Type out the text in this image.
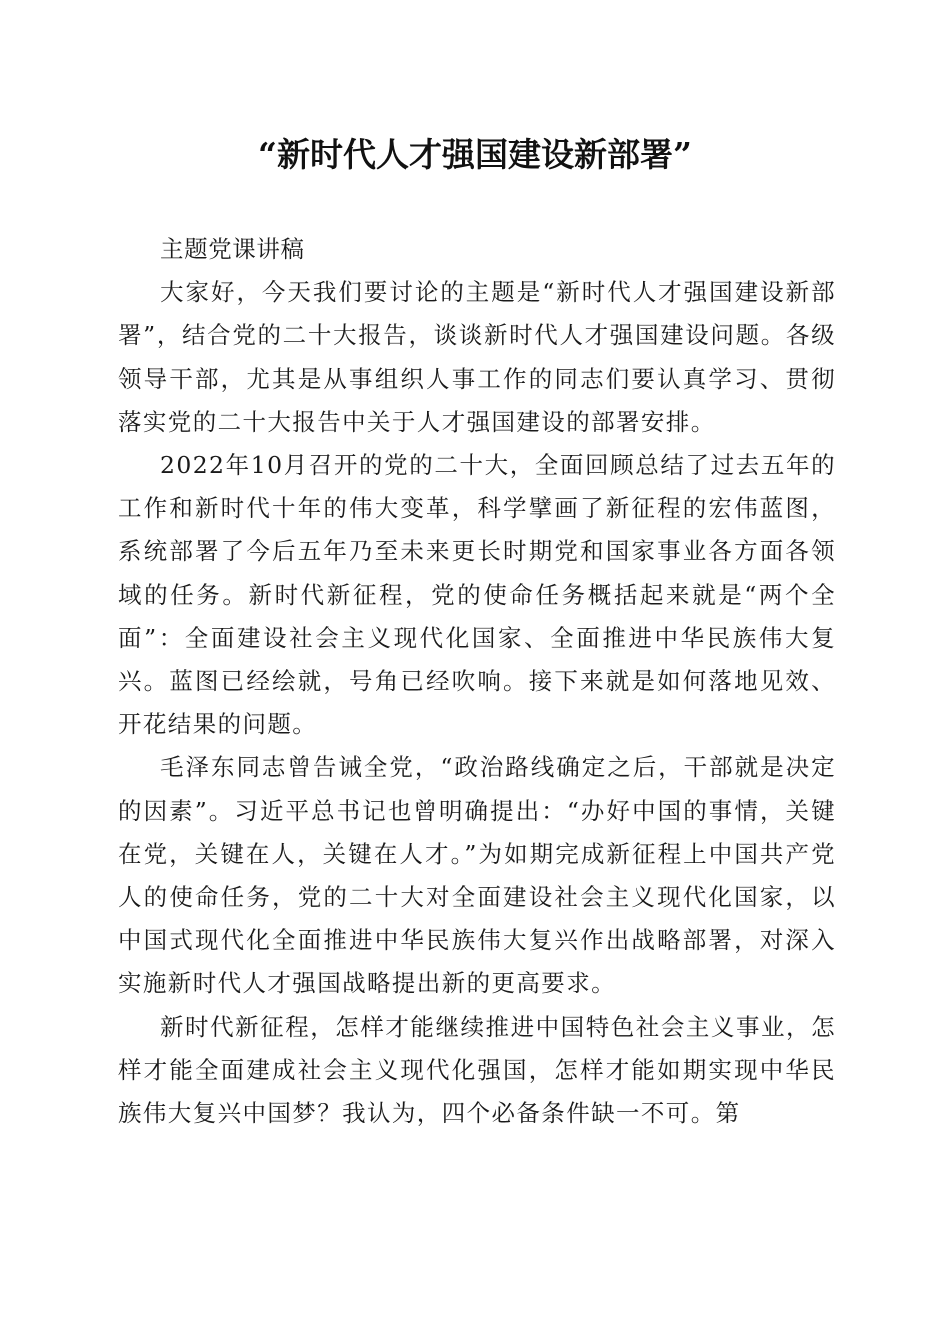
“新时代人才强国建设新部署”

主题党课讲稿

大家好，今天我们要讨论的主题是“新时代人才强国建设新部署”，结合党的二十大报告，谈谈新时代人才强国建设问题。各级领导干部，尤其是从事组织人事工作的同志们要认真学习、贯彻落实党的二十大报告中关于人才强国建设的部署安排。

2022年10月召开的党的二十大，全面回顾总结了过去五年的工作和新时代十年的伟大变革，科学擘画了新征程的宏伟蓝图，系统部署了今后五年乃至未来更长时期党和国家事业各方面各领域的任务。新时代新征程，党的使命任务概括起来就是“两个全面”：全面建设社会主义现代化国家、全面推进中华民族伟大复兴。蓝图已经绘就，号角已经吹响。接下来就是如何落地见效、开花结果的问题。

毛泽东同志曾告诫全党，“政治路线确定之后，干部就是决定的因素”。习近平总书记也曾明确提出：“办好中国的事情，关键在党，关键在人，关键在人才。”为如期完成新征程上中国共产党人的使命任务，党的二十大对全面建设社会主义现代化国家，以中国式现代化全面推进中华民族伟大复兴作出战略部署，对深入实施新时代人才强国战略提出新的更高要求。

新时代新征程，怎样才能继续推进中国特色社会主义事业，怎样才能全面建成社会主义现代化强国，怎样才能如期实现中华民族伟大复兴中国梦？我认为，四个必备条件缺一不可。第
